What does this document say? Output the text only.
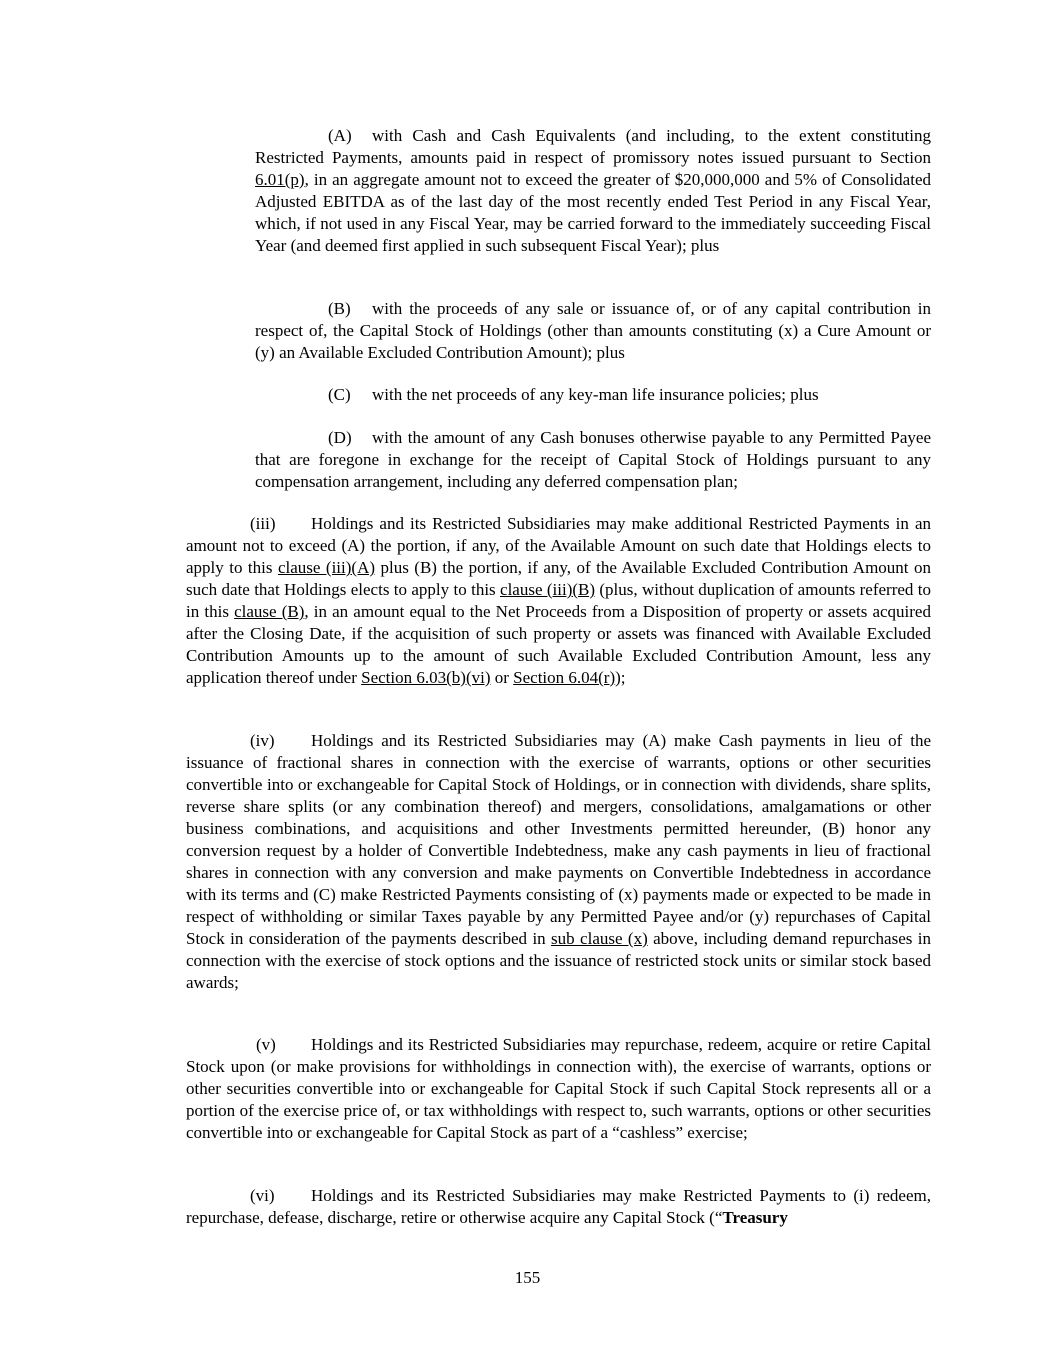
(A) with Cash and Cash Equivalents (and including, to the extent constituting Restricted Payments, amounts paid in respect of promissory notes issued pursuant to Section 6.01(p), in an aggregate amount not to exceed the greater of $20,000,000 and 5% of Consolidated Adjusted EBITDA as of the last day of the most recently ended Test Period in any Fiscal Year, which, if not used in any Fiscal Year, may be carried forward to the immediately succeeding Fiscal Year (and deemed first applied in such subsequent Fiscal Year); plus

(B) with the proceeds of any sale or issuance of, or of any capital contribution in respect of, the Capital Stock of Holdings (other than amounts constituting (x) a Cure Amount or (y) an Available Excluded Contribution Amount); plus

(C) with the net proceeds of any key-man life insurance policies; plus

(D) with the amount of any Cash bonuses otherwise payable to any Permitted Payee that are foregone in exchange for the receipt of Capital Stock of Holdings pursuant to any compensation arrangement, including any deferred compensation plan;

(iii) Holdings and its Restricted Subsidiaries may make additional Restricted Payments in an amount not to exceed (A) the portion, if any, of the Available Amount on such date that Holdings elects to apply to this clause (iii)(A) plus (B) the portion, if any, of the Available Excluded Contribution Amount on such date that Holdings elects to apply to this clause (iii)(B) (plus, without duplication of amounts referred to in this clause (B), in an amount equal to the Net Proceeds from a Disposition of property or assets acquired after the Closing Date, if the acquisition of such property or assets was financed with Available Excluded Contribution Amounts up to the amount of such Available Excluded Contribution Amount, less any application thereof under Section 6.03(b)(vi) or Section 6.04(r));

(iv) Holdings and its Restricted Subsidiaries may (A) make Cash payments in lieu of the issuance of fractional shares in connection with the exercise of warrants, options or other securities convertible into or exchangeable for Capital Stock of Holdings, or in connection with dividends, share splits, reverse share splits (or any combination thereof) and mergers, consolidations, amalgamations or other business combinations, and acquisitions and other Investments permitted hereunder, (B) honor any conversion request by a holder of Convertible Indebtedness, make any cash payments in lieu of fractional shares in connection with any conversion and make payments on Convertible Indebtedness in accordance with its terms and (C) make Restricted Payments consisting of (x) payments made or expected to be made in respect of withholding or similar Taxes payable by any Permitted Payee and/or (y) repurchases of Capital Stock in consideration of the payments described in sub clause (x) above, including demand repurchases in connection with the exercise of stock options and the issuance of restricted stock units or similar stock based awards;

(v) Holdings and its Restricted Subsidiaries may repurchase, redeem, acquire or retire Capital Stock upon (or make provisions for withholdings in connection with), the exercise of warrants, options or other securities convertible into or exchangeable for Capital Stock if such Capital Stock represents all or a portion of the exercise price of, or tax withholdings with respect to, such warrants, options or other securities convertible into or exchangeable for Capital Stock as part of a “cashless” exercise;

(vi) Holdings and its Restricted Subsidiaries may make Restricted Payments to (i) redeem, repurchase, defease, discharge, retire or otherwise acquire any Capital Stock (“Treasury

155
